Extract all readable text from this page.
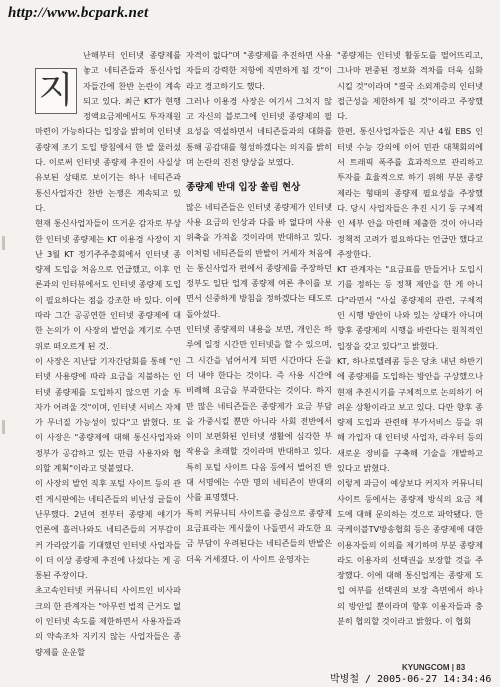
http://www.bcpark.net
지

난해부터 인터넷 종량제를 놓고 네티즌들과 통신사업자들간에 찬반 논란이 계속되고 있다. 최근 KT가 현행 정액요금제에서도 투자재원 마련이 가능하다는 입장을 밝히며 인터넷 종량제 조기 도입 방침에서 한 발 물러섰다. 이로써 인터넷 종량제 추진이 사실상 유보된 상태로 보이기는 하나 네티즌과 통신사업자간 찬반 논쟁은 계속되고 있다.

현재 통신사업자들이 뜨거운 감자로 부상한 인터넷 종량제는 KT 이용경 사장이 지난 3월 KT 정기주주총회에서 인터넷 종량제 도입을 처음으로 언급했고, 이후 언론과의 인터뷰에서도 인터넷 종량제 도입이 필요하다는 점을 강조한 바 있다. 이에 따라 그간 공공연한 인터넷 종량제에 대한 논의가 이 사장의 발언을 계기로 수면 위로 떠오르게 된 것.

이 사장은 지난달 기자간담회를 통해 "인터넷 사용량에 따라 요금을 지불하는 인터넷 종량제를 도입하지 않으면 기술 투자가 어려울 것"이며, 인터넷 서비스 자체가 무너질 가능성이 있다"고 밝혔다. 또 이 사장은 "종량제에 대해 통신사업자와 정부가 공감하고 있는 만큼 사용자와 협의할 계획"이라고 덧붙였다.

이 사장의 발언 직후 포털 사이트 등의 관련 게시판에는 네티즌들의 비난성 글들이 난무했다. 2년여 전부터 종량제 얘기가 언론에 흘러나와도 네티즌들의 거부감이 커 가라앉기를 기대했던 인터넷 사업자들이 더 이상 종량제 추진에 나섰다는 게 공통된 주장이다.

초고속인터넷 커뮤니티 사이트인 비사파크의 한 관계자는 "아무런 법적 근거도 없이 인터넷 속도를 제한하면서 사용자들과의 약속조차 지키지 않는 사업자들은 종량제를 운운할

자격이 없다"며 "종량제를 추진하면 사용자들의 강력한 저항에 직면하게 될 것"이라고 경고하기도 했다.

그러나 이용경 사장은 여기서 그치지 않고 자신의 블로그에 인터넷 종량제의 필요성을 역설하면서 네티즌들과의 대화를 통해 공감대를 형성하겠다는 의지를 밝히며 논란의 진전 양상을 보였다.

종량제 반대 입장 쏠림 현상

많은 네티즌들은 인터넷 종량제가 인터넷 사용 요금의 인상과 다를 바 없다며 사용 위축을 가져올 것이라며 반대하고 있다. 이처럼 네티즌들의 반발이 거세자 처음에는 통신사업자 편에서 종량제를 주장하던 정부도 일단 업계 종량제 여론 추이를 보면서 신중하게 방침을 정하겠다는 태도로 돌아섰다.

인터넷 종량제의 내용을 보면, 개인은 하루에 일정 시간만 인터넷을 할 수 있으며, 그 시간을 넘어서게 되면 시간마다 돈을 더 내야 한다는 것이다. 즉 사용 시간에 비례해 요금을 부과한다는 것이다. 하지만 많은 네티즌들은 종량제가 요금 부담을 가중시킬 뿐만 아니라 사회 전반에서 이미 보편화된 인터넷 생활에 심각한 부작용을 초래할 것이라며 반대하고 있다. 특히 포털 사이트 다음 등에서 벌어진 반대 서명에는 수만 명의 네티즌이 반대의사를 표명했다.

특히 커뮤니티 사이트를 중심으로 종량제 요금표라는 게시물이 나돌면서 과도한 요금 부담이 우려된다는 네티즌들의 반발은 더욱 거세졌다. 이 사이트 운영자는

"종량제는 인터넷 활동도를 떨어뜨리고, 그나마 편중된 정보화 격차를 더욱 심화시킬 것"이라며 "결국 소외계층의 인터넷 접근성을 제한하게 될 것"이라고 주장했다.

한편, 통신사업자들은 지난 4월 EBS 인터넷 수능 강의에 이어 민관 대책회의에서 트래픽 폭주를 효과적으로 관리하고 투자를 효율적으로 하기 위해 부분 종량제라는 형태의 종량제 필요성을 주장했다. 당시 사업자들은 추진 시기 등 구체적인 세부 안을 마련해 제출한 것이 아니라 정책적 고려가 필요하다는 언급만 했다고 주장한다.

KT 관계자는 "요금표를 만들거나 도입시기를 정하는 등 정책 제안을 한 게 아니다"라면서 "사실 종량제의 관련, 구체적인 시행 방안이 나와 있는 상태가 아니며 향후 종량제의 시행을 바란다는 원칙적인 입장을 갖고 있다"고 밝혔다.

KT, 하나로텔레콤 등은 당초 내년 하반기에 종량제를 도입하는 방안을 구상했으나 현재 추진시기를 구체적으로 논의하기 어려운 상황이라고 보고 있다. 다만 향후 종량제 도입과 관련해 부가서비스 등을 위해 가입자 대 인터넷 사업자, 라우터 등의 새로운 장비를 구축해 기술을 개발하고 있다고 밝혔다.

이렇게 과금이 예상보다 커지자 커뮤니티 사이트 등에서는 종량제 방식의 요금 제도에 대해 문의하는 것으로 파악됐다. 한국케이블TV방송협회 등은 종량제에 대한 이용자들의 이의를 제기하며 부분 종량제라도 이용자의 선택권을 보장할 것을 주장했다. 이에 대해 통신업계는 종량제 도입 여부를 선택권의 보장 측면에서 하나의 방안일 뿐이라며 향후 이용자들과 충분히 협의할 것이라고 밝혔다. 이 협회

KYUNGCOM | 83
박병철 / 2005-06-27 14:34:46
